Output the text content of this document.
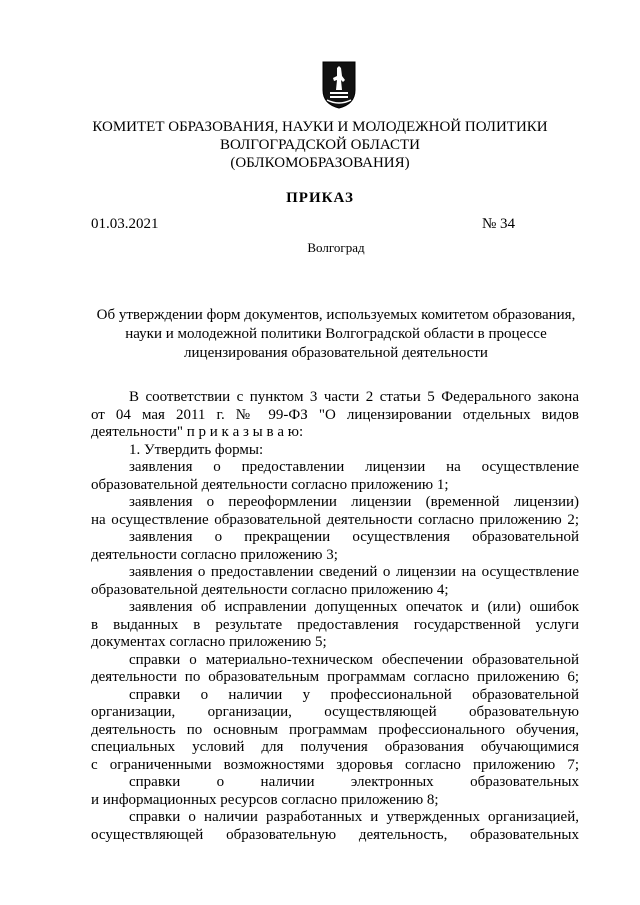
КОМИТЕТ ОБРАЗОВАНИЯ, НАУКИ И МОЛОДЕЖНОЙ ПОЛИТИКИ
ВОЛГОГРАДСКОЙ ОБЛАСТИ
(ОБЛКОМОБРАЗОВАНИЯ)
ПРИКАЗ
01.03.2021	№ 34
Волгоград
Об утверждении форм документов, используемых комитетом образования,
науки и молодежной политики Волгоградской области в процессе
лицензирования образовательной деятельности
В соответствии с пунктом 3 части 2 статьи 5 Федерального закона
от 04 мая 2011 г. № 99-ФЗ "О лицензировании отдельных видов
деятельности" п р и к а з ы в а ю:
1. Утвердить формы:
заявления о предоставлении лицензии на осуществление
образовательной деятельности согласно приложению 1;
заявления о переоформлении лицензии (временной лицензии)
на осуществление образовательной деятельности согласно приложению 2;
заявления о прекращении осуществления образовательной
деятельности согласно приложению 3;
заявления о предоставлении сведений о лицензии на осуществление
образовательной деятельности согласно приложению 4;
заявления об исправлении допущенных опечаток и (или) ошибок
в выданных в результате предоставления государственной услуги
документах согласно приложению 5;
справки о материально-техническом обеспечении образовательной
деятельности по образовательным программам согласно приложению 6;
справки о наличии у профессиональной образовательной
организации, организации, осуществляющей образовательную
деятельность по основным программам профессионального обучения,
специальных условий для получения образования обучающимися
с ограниченными возможностями здоровья согласно приложению 7;
справки о наличии электронных образовательных
и информационных ресурсов согласно приложению 8;
справки о наличии разработанных и утвержденных организацией,
осуществляющей образовательную деятельность, образовательных
